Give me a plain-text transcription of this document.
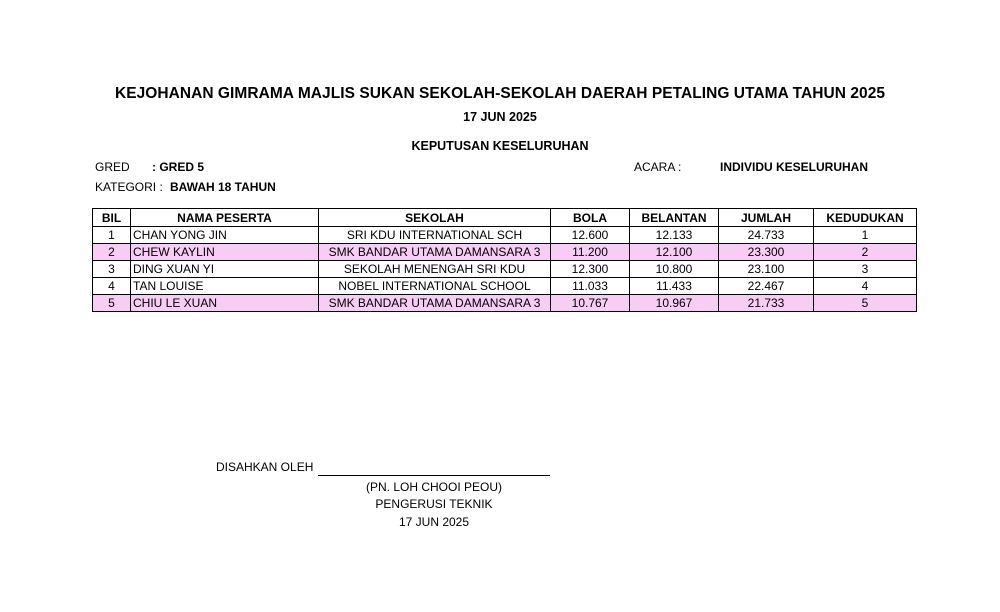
KEJOHANAN GIMRAMA MAJLIS SUKAN SEKOLAH-SEKOLAH DAERAH PETALING UTAMA TAHUN 2025
17 JUN 2025
KEPUTUSAN KESELURUHAN
GRED : GRED 5	ACARA :	INDIVIDU KESELURUHAN
KATEGORI : BAWAH 18 TAHUN
BIL	NAMA PESERTA	SEKOLAH	BOLA	BELANTAN	JUMLAH	KEDUDUKAN
1	CHAN YONG JIN	SRI KDU INTERNATIONAL SCH	12.600	12.133	24.733	1
2	CHEW KAYLIN	SMK BANDAR UTAMA DAMANSARA 3	11.200	12.100	23.300	2
3	DING XUAN YI	SEKOLAH MENENGAH SRI KDU	12.300	10.800	23.100	3
4	TAN LOUISE	NOBEL INTERNATIONAL SCHOOL	11.033	11.433	22.467	4
5	CHIU LE XUAN	SMK BANDAR UTAMA DAMANSARA 3	10.767	10.967	21.733	5
DISAHKAN OLEH
(PN. LOH CHOOI PEOU)
PENGERUSI TEKNIK
17 JUN 2025
